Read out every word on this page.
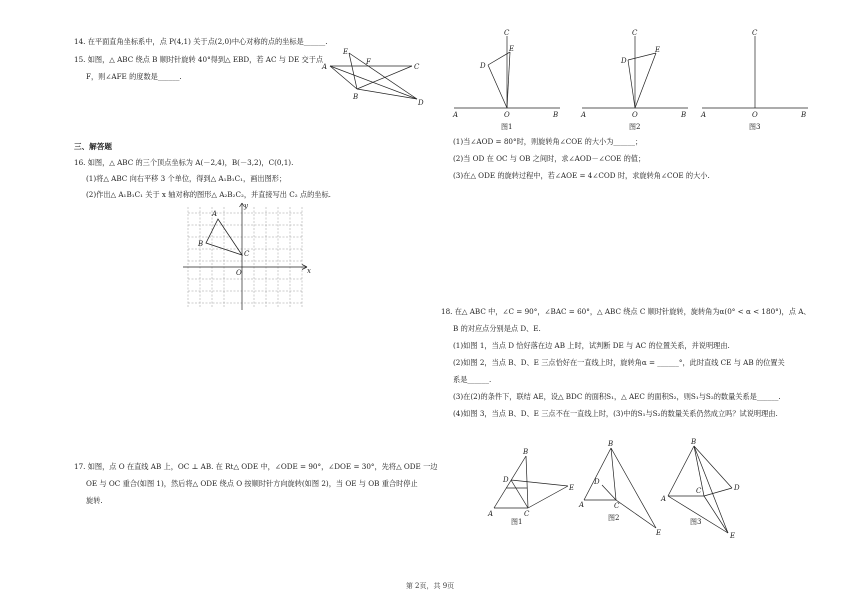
14. 在平面直角坐标系中，点 P(4,1) 关于点(2,0)中心对称的点的坐标是______.
15. 如图，△ ABC 绕点 B 顺时针旋转 40°得到△ EBD，若 AC 与 DE 交于点
F，则∠AFE 的度数是______.
A
E
F
C
B
D
三、解答题
16. 如图，△ ABC 的三个顶点坐标为 A(－2,4)，B(－3,2)，C(0,1).
(1)将△ ABC 向右平移 3 个单位，得到△ A₁B₁C₁，画出图形；
(2)作出△ A₁B₁C₁ 关于 x 轴对称的图形△ A₂B₂C₂，并直接写出 C₂ 点的坐标.
A
B
C
O	x
y
17. 如图，点 O 在直线 AB 上，OC ⊥ AB. 在 Rt△ ODE 中，∠ODE = 90°，∠DOE = 30°，先将△ ODE 一边
OE 与 OC 重合(如图 1)，然后将△ ODE 绕点 O 按顺时针方向旋转(如图 2)，当 OE 与 OB 重合时停止
旋转.
C
E
D
A	O	B
图1
C
E
D
A	O	B
图2
C
A	O	B
图3
(1)当∠AOD = 80°时，则旋转角∠COE 的大小为______；
(2)当 OD 在 OC 与 OB 之间时，求∠AOD－∠COE 的值；
(3)在△ ODE 的旋转过程中，若∠AOE = 4∠COD 时，求旋转角∠COE 的大小.
18. 在△ ABC 中，∠C = 90°，∠BAC = 60°，△ ABC 绕点 C 顺时针旋转，旋转角为α(0° < α < 180°)，点 A、
B 的对应点分别是点 D、E.
(1)如图 1，当点 D 恰好落在边 AB 上时，试判断 DE 与 AC 的位置关系，并说明理由.
(2)如图 2，当点 B、D、E 三点恰好在一直线上时，旋转角α = ______°，此时直线 CE 与 AB 的位置关
系是______.
(3)在(2)的条件下，联结 AE，设△ BDC 的面积S₁，△ AEC 的面积S₂，则S₁与S₂的数量关系是______.
(4)如图 3，当点 B、D、E 三点不在一直线上时，(3)中的S₁与S₂的数量关系仍然成立吗？试说明理由.
B
D
E
A	C
图1
B
D
A	C
E
图2
B
D
A
C
E
图3
第 2页，共 9页
